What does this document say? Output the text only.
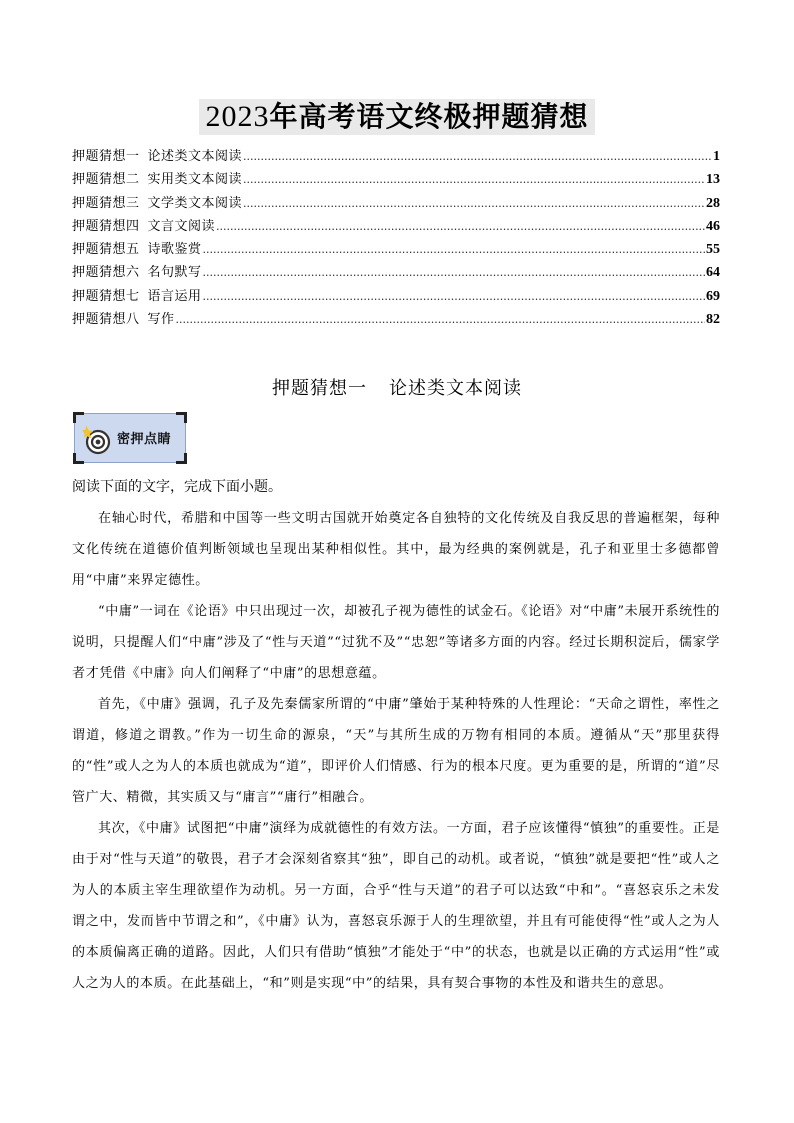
2023年高考语文终极押题猜想
押题猜想一 论述类文本阅读 .....	1
押题猜想二 实用类文本阅读 .....	13
押题猜想三 文学类文本阅读 .....	28
押题猜想四 文言文阅读 .....	46
押题猜想五 诗歌鉴赏 .....	55
押题猜想六 名句默写 .....	64
押题猜想七 语言运用 .....	69
押题猜想八 写作 .....	82
押题猜想一 论述类文本阅读
密押点睛
阅读下面的文字，完成下面小题。

在轴心时代，希腊和中国等一些文明古国就开始奠定各自独特的文化传统及自我反思的普遍框架，每种文化传统在道德价值判断领域也呈现出某种相似性。其中，最为经典的案例就是，孔子和亚里士多德都曾用“中庸”来界定德性。

“中庸”一词在《论语》中只出现过一次，却被孔子视为德性的试金石。《论语》对“中庸”未展开系统性的说明，只提醒人们“中庸”涉及了“性与天道”“过犹不及”“忠恕”等诸多方面的内容。经过长期积淀后，儒家学者才凭借《中庸》向人们阐释了“中庸”的思想意蕴。

首先，《中庸》强调，孔子及先秦儒家所谓的“中庸”肇始于某种特殊的人性理论：“天命之谓性，率性之谓道，修道之谓教。”作为一切生命的源泉，“天”与其所生成的万物有相同的本质。遵循从“天”那里获得的“性”或人之为人的本质也就成为“道”，即评价人们情感、行为的根本尺度。更为重要的是，所谓的“道”尽管广大、精微，其实质又与“庸言”“庸行”相融合。

其次，《中庸》试图把“中庸”演绎为成就德性的有效方法。一方面，君子应该懂得“慎独”的重要性。正是由于对“性与天道”的敬畏，君子才会深刻省察其“独”，即自己的动机。或者说，“慎独”就是要把“性”或人之为人的本质主宰生理欲望作为动机。另一方面，合乎“性与天道”的君子可以达致“中和”。“喜怒哀乐之未发谓之中，发而皆中节谓之和”，《中庸》认为，喜怒哀乐源于人的生理欲望，并且有可能使得“性”或人之为人的本质偏离正确的道路。因此，人们只有借助“慎独”才能处于“中”的状态，也就是以正确的方式运用“性”或人之为人的本质。在此基础上，“和”则是实现“中”的结果，具有契合事物的本性及和谐共生的意思。
